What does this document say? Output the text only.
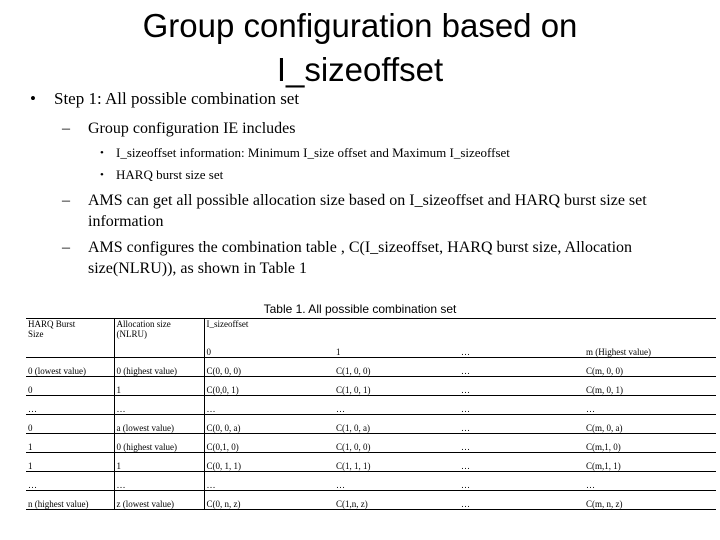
Group configuration based on I_sizeoffset
• Step 1: All possible combination set
– Group configuration IE includes
• I_sizeoffset information: Minimum I_size offset and Maximum I_sizeoffset
• HARQ burst size set
– AMS can get all possible allocation size based on I_sizeoffset and HARQ burst size set information
– AMS configures the combination table , C(I_sizeoffset, HARQ burst size, Allocation size(NLRU)), as shown in Table 1
Table 1. All possible combination set
HARQ Burst Size	Allocation size (NLRU)	I_sizeoffset			
		0	1	…	m (Highest value)
0 (lowest value)	0 (highest value)	C(0, 0, 0)	C(1, 0, 0)	…	C(m, 0, 0)
0	1	C(0,0, 1)	C(1, 0, 1)	…	C(m, 0, 1)
…	…	…	…	…	…
0	a (lowest value)	C(0, 0, a)	C(1, 0, a)	…	C(m, 0, a)
1	0 (highest value)	C(0,1, 0)	C(1, 0, 0)	…	C(m,1, 0)
1	1	C(0, 1, 1)	C(1, 1, 1)	…	C(m,1, 1)
…	…	…	…	…	…
n (highest value)	z (lowest value)	C(0, n, z)	C(1,n, z)	…	C(m, n, z)
